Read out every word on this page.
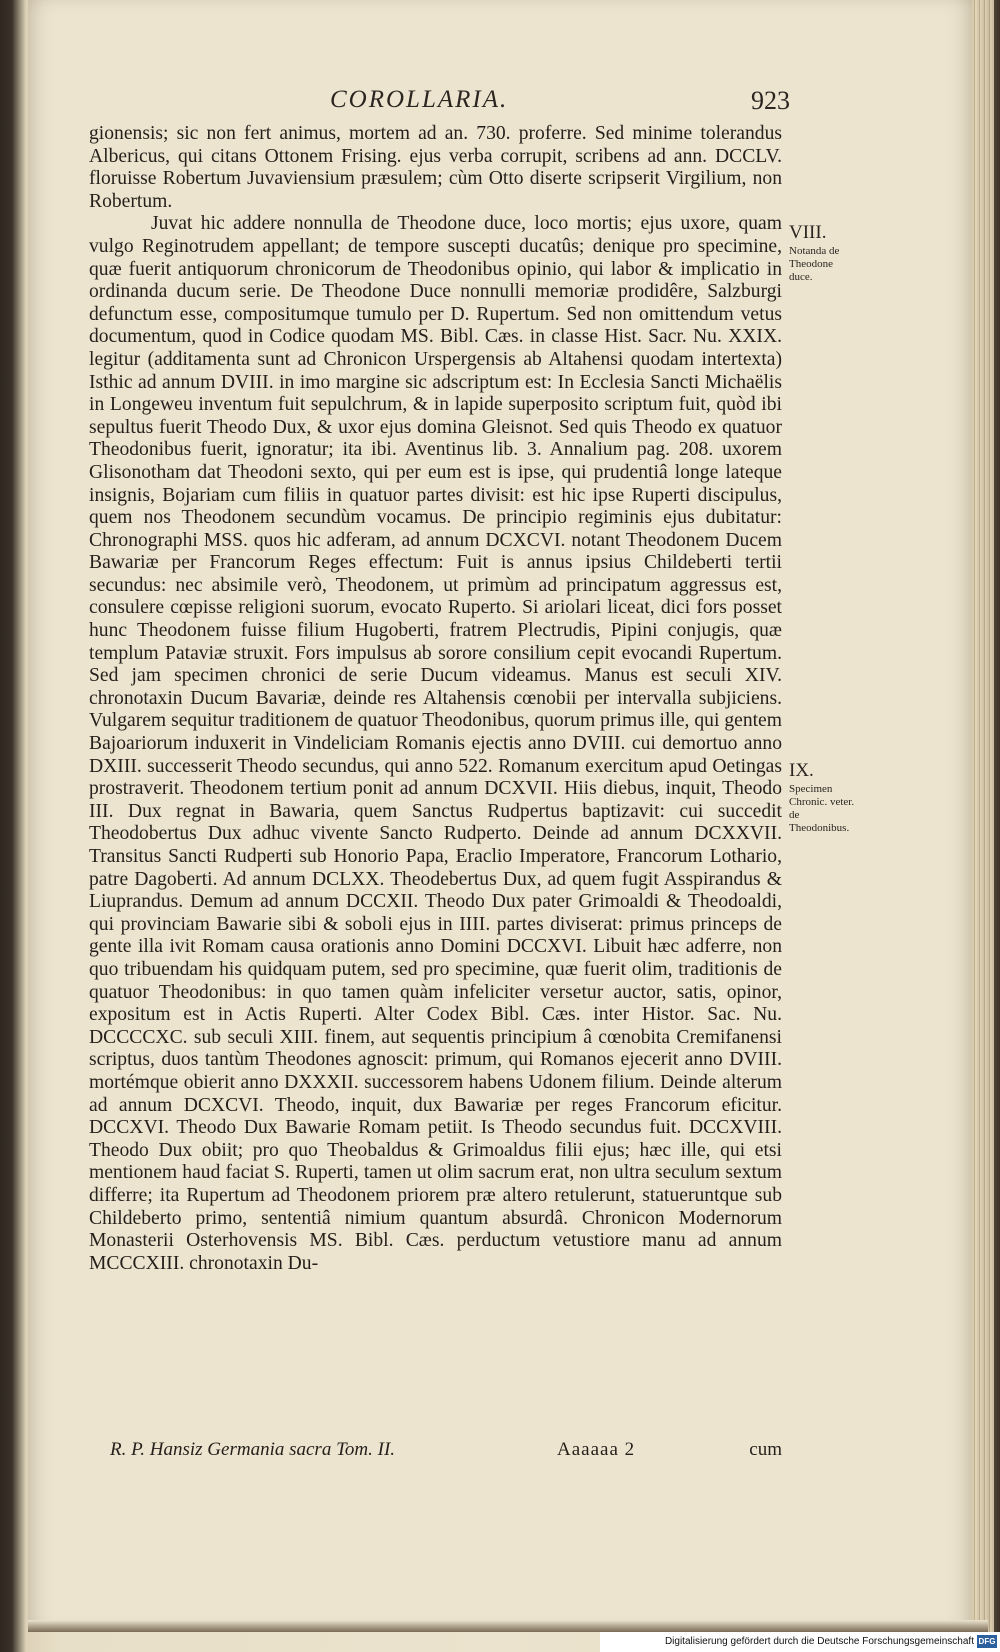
COROLLARIA.	923

gionensis; sic non fert animus, mortem ad an. 730. proferre. Sed minime tolerandus Albericus, qui citans Ottonem Frising. ejus verba corrupit, scribens ad ann. DCCLV. floruisse Robertum Juvaviensium præsulem; cùm Otto diserte scripserit Virgilium, non Robertum.

Juvat hic addere nonnulla de Theodone duce, loco mortis; ejus uxore, quam vulgo Reginotrudem appellant; de tempore suscepti ducatûs; denique pro specimine, quæ fuerit antiquorum chronicorum de Theodonibus opinio, qui labor & implicatio in ordinanda ducum serie. De Theodone Duce nonnulli memoriæ prodidêre, Salzburgi defunctum esse, compositumque tumulo per D. Rupertum. Sed non omittendum vetus documentum, quod in Codice quodam MS. Bibl. Cæs. in classe Hist. Sacr. Nu. XXIX. legitur (additamenta sunt ad Chronicon Urspergensis ab Altahensi quodam intertexta) Isthic ad annum DVIII. in imo margine sic adscriptum est: In Ecclesia Sancti Michaëlis in Longeweu inventum fuit sepulchrum, & in lapide superposito scriptum fuit, quòd ibi sepultus fuerit Theodo Dux, & uxor ejus domina Gleisnot. Sed quis Theodo ex quatuor Theodonibus fuerit, ignoratur; ita ibi. Aventinus lib. 3. Annalium pag. 208. uxorem Glisonotham dat Theodoni sexto, qui per eum est is ipse, qui prudentiâ longe lateque insignis, Bojariam cum filiis in quatuor partes divisit: est hic ipse Ruperti discipulus, quem nos Theodonem secundùm vocamus. De principio regiminis ejus dubitatur: Chronographi MSS. quos hic adferam, ad annum DCXCVI. notant Theodonem Ducem Bawariæ per Francorum Reges effectum: Fuit is annus ipsius Childeberti tertii secundus: nec absimile verò, Theodonem, ut primùm ad principatum aggressus est, consulere cœpisse religioni suorum, evocato Ruperto. Si ariolari liceat, dici fors posset hunc Theodonem fuisse filium Hugoberti, fratrem Plectrudis, Pipini conjugis, quæ templum Pataviæ struxit. Fors impulsus ab sorore consilium cepit evocandi Rupertum. Sed jam specimen chronici de serie Ducum videamus. Manus est seculi XIV. chronotaxin Ducum Bavariæ, deinde res Altahensis cœnobii per intervalla subjiciens. Vulgarem sequitur traditionem de quatuor Theodonibus, quorum primus ille, qui gentem Bajoariorum induxerit in Vindeliciam Romanis ejectis anno DVIII. cui demortuo anno DXIII. successerit Theodo secundus, qui anno 522. Romanum exercitum apud Oetingas prostraverit. Theodonem tertium ponit ad annum DCXVII. Hiis diebus, inquit, Theodo III. Dux regnat in Bawaria, quem Sanctus Rudpertus baptizavit: cui succedit Theodobertus Dux adhuc vivente Sancto Rudperto. Deinde ad annum DCXXVII. Transitus Sancti Rudperti sub Honorio Papa, Eraclio Imperatore, Francorum Lothario, patre Dagoberti. Ad annum DCLXX. Theodebertus Dux, ad quem fugit Asspirandus & Liuprandus. Demum ad annum DCCXII. Theodo Dux pater Grimoaldi & Theodoaldi, qui provinciam Bawarie sibi & soboli ejus in IIII. partes diviserat: primus princeps de gente illa ivit Romam causa orationis anno Domini DCCXVI. Libuit hæc adferre, non quo tribuendam his quidquam putem, sed pro specimine, quæ fuerit olim, traditionis de quatuor Theodonibus: in quo tamen quàm infeliciter versetur auctor, satis, opinor, expositum est in Actis Ruperti. Alter Codex Bibl. Cæs. inter Histor. Sac. Nu. DCCCCXC. sub seculi XIII. finem, aut sequentis principium â cœnobita Cremifanensi scriptus, duos tantùm Theodones agnoscit: primum, qui Romanos ejecerit anno DVIII. mortémque obierit anno DXXXII. successorem habens Udonem filium. Deinde alterum ad annum DCXCVI. Theodo, inquit, dux Bawariæ per reges Francorum eficitur. DCCXVI. Theodo Dux Bawarie Romam petiit. Is Theodo secundus fuit. DCCXVIII. Theodo Dux obiit; pro quo Theobaldus & Grimoaldus filii ejus; hæc ille, qui etsi mentionem haud faciat S. Ruperti, tamen ut olim sacrum erat, non ultra seculum sextum differre; ita Rupertum ad Theodonem priorem præ altero retulerunt, statueruntque sub Childeberto primo, sententiâ nimium quantum absurdâ. Chronicon Modernorum Monasterii Osterhovensis MS. Bibl. Cæs. perductum vetustiore manu ad annum MCCCXIII. chronotaxin Du-

VIII.
Notanda de Theodone duce.
IX.
Specimen Chronic. veter. de Theodonibus.
R. P. Hansiz Germania sacra Tom. II.	Aaaaaa 2	cum
Digitalisierung gefördert durch die Deutsche Forschungsgemeinschaft DFG
